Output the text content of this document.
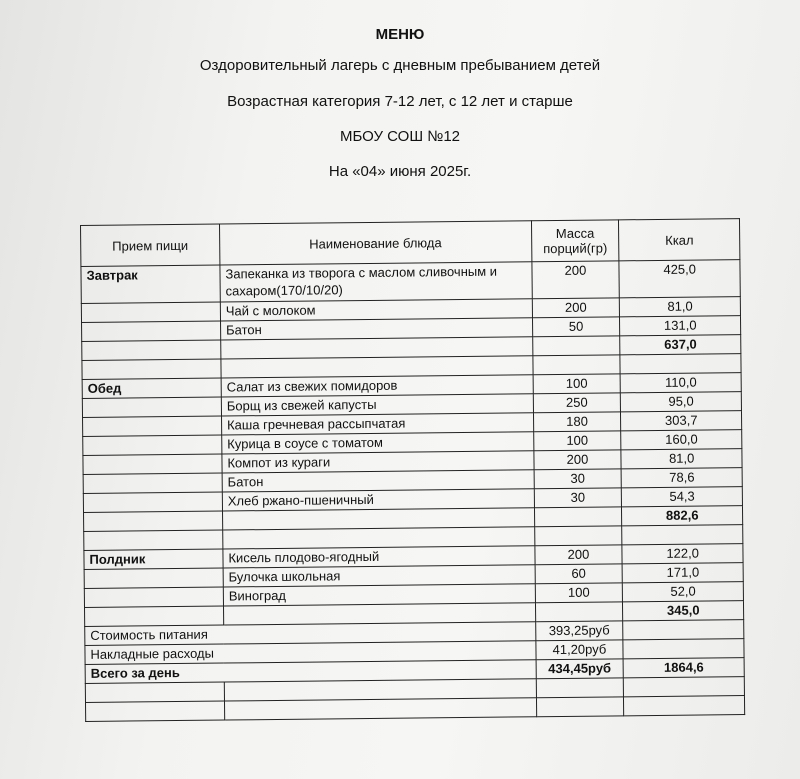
МЕНЮ
Оздоровительный лагерь с дневным пребыванием детей
Возрастная категория 7-12 лет, с 12 лет и старше
МБОУ СОШ №12
На «04» июня 2025г.
Прием пищи	Наименование блюда	Масса порций(гр)	Ккал
Завтрак	Запеканка из творога с маслом сливочным и сахаром(170/10/20)	200	425,0
	Чай с молоком	200	81,0
	Батон	50	131,0
			637,0

Обед	Салат из свежих помидоров	100	110,0
	Борщ из свежей капусты	250	95,0
	Каша гречневая рассыпчатая	180	303,7
	Курица в соусе с томатом	100	160,0
	Компот из кураги	200	81,0
	Батон	30	78,6
	Хлеб ржано-пшеничный	30	54,3
			882,6

Полдник	Кисель плодово-ягодный	200	122,0
	Булочка школьная	60	171,0
	Виноград	100	52,0
			345,0
Стоимость питания		393,25руб	
Накладные расходы		41,20руб	
Всего за день		434,45руб	1864,6
